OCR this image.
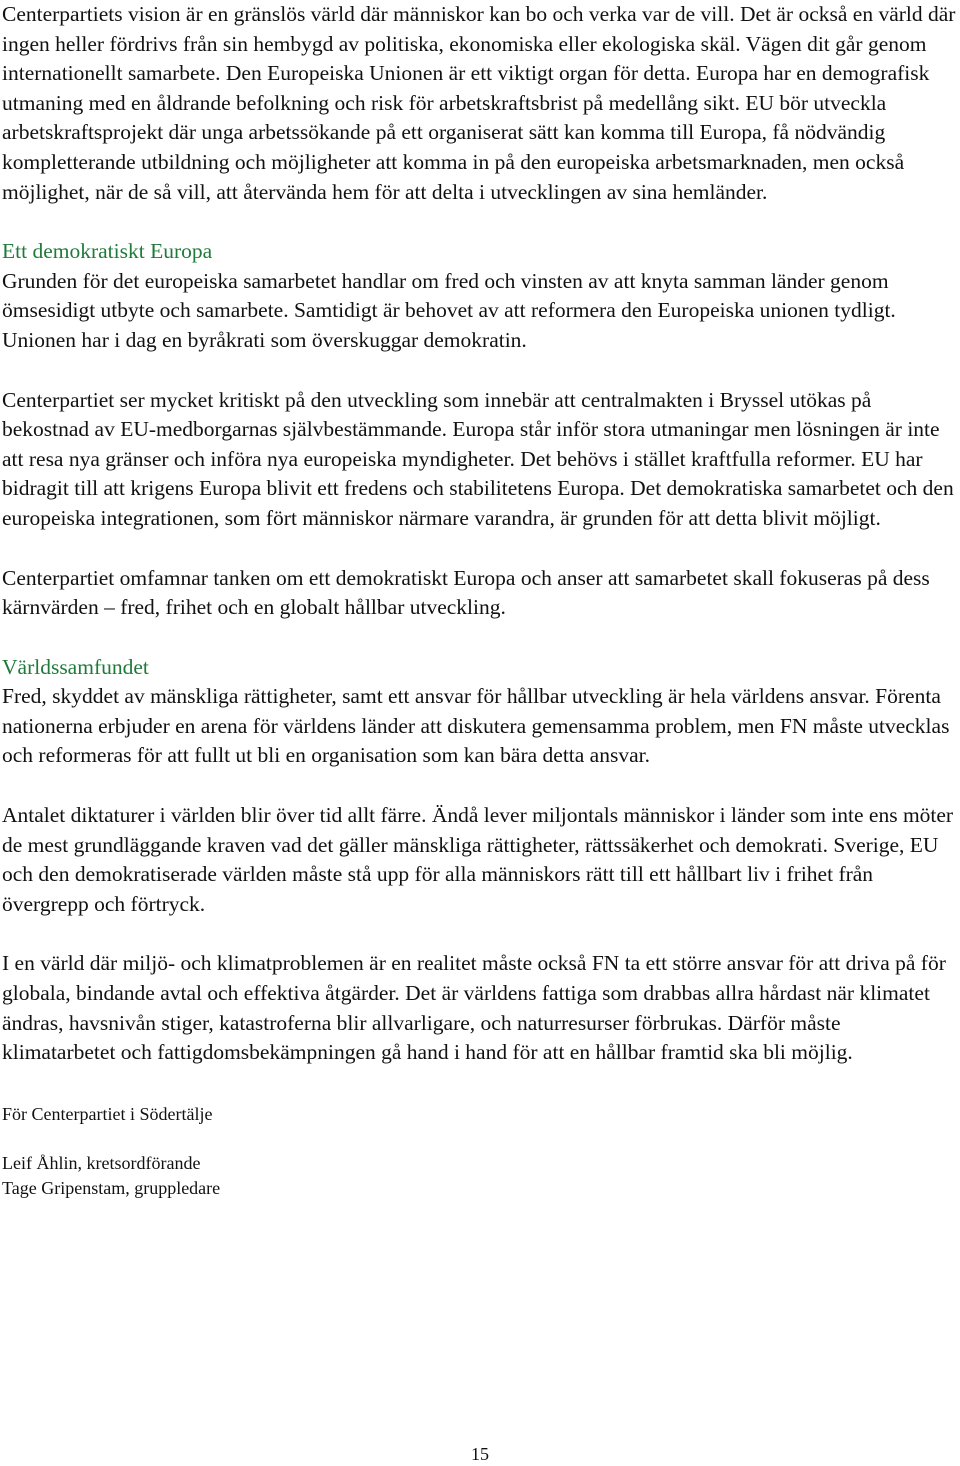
Centerpartiets vision är en gränslös värld där människor kan bo och verka var de vill. Det är också en värld där ingen heller fördrivs från sin hembygd av politiska, ekonomiska eller ekologiska skäl. Vägen dit går genom internationellt samarbete. Den Europeiska Unionen är ett viktigt organ för detta. Europa har en demografisk utmaning med en åldrande befolkning och risk för arbetskraftsbrist på medellång sikt. EU bör utveckla arbetskraftsprojekt där unga arbetssökande på ett organiserat sätt kan komma till Europa, få nödvändig kompletterande utbildning och möjligheter att komma in på den europeiska arbetsmarknaden, men också möjlighet, när de så vill, att återvända hem för att delta i utvecklingen av sina hemländer.

Ett demokratiskt Europa

Grunden för det europeiska samarbetet handlar om fred och vinsten av att knyta samman länder genom ömsesidigt utbyte och samarbete. Samtidigt är behovet av att reformera den Europeiska unionen tydligt. Unionen har i dag en byråkrati som överskuggar demokratin.

Centerpartiet ser mycket kritiskt på den utveckling som innebär att centralmakten i Bryssel utökas på bekostnad av EU-medborgarnas självbestämmande. Europa står inför stora utmaningar men lösningen är inte att resa nya gränser och införa nya europeiska myndigheter. Det behövs i stället kraftfulla reformer. EU har bidragit till att krigens Europa blivit ett fredens och stabilitetens Europa. Det demokratiska samarbetet och den europeiska integrationen, som fört människor närmare varandra, är grunden för att detta blivit möjligt.

Centerpartiet omfamnar tanken om ett demokratiskt Europa och anser att samarbetet skall fokuseras på dess kärnvärden – fred, frihet och en globalt hållbar utveckling.

Världssamfundet

Fred, skyddet av mänskliga rättigheter, samt ett ansvar för hållbar utveckling är hela världens ansvar. Förenta nationerna erbjuder en arena för världens länder att diskutera gemensamma problem, men FN måste utvecklas och reformeras för att fullt ut bli en organisation som kan bära detta ansvar.

Antalet diktaturer i världen blir över tid allt färre. Ändå lever miljontals människor i länder som inte ens möter de mest grundläggande kraven vad det gäller mänskliga rättigheter, rättssäkerhet och demokrati. Sverige, EU och den demokratiserade världen måste stå upp för alla människors rätt till ett hållbart liv i frihet från övergrepp och förtryck.

I en värld där miljö- och klimatproblemen är en realitet måste också FN ta ett större ansvar för att driva på för globala, bindande avtal och effektiva åtgärder. Det är världens fattiga som drabbas allra hårdast när klimatet ändras, havsnivån stiger, katastroferna blir allvarligare, och naturresurser förbrukas. Därför måste klimatarbetet och fattigdomsbekämpningen gå hand i hand för att en hållbar framtid ska bli möjlig.

För Centerpartiet i Södertälje

Leif Åhlin, kretsordförande

Tage Gripenstam, gruppledare

15
